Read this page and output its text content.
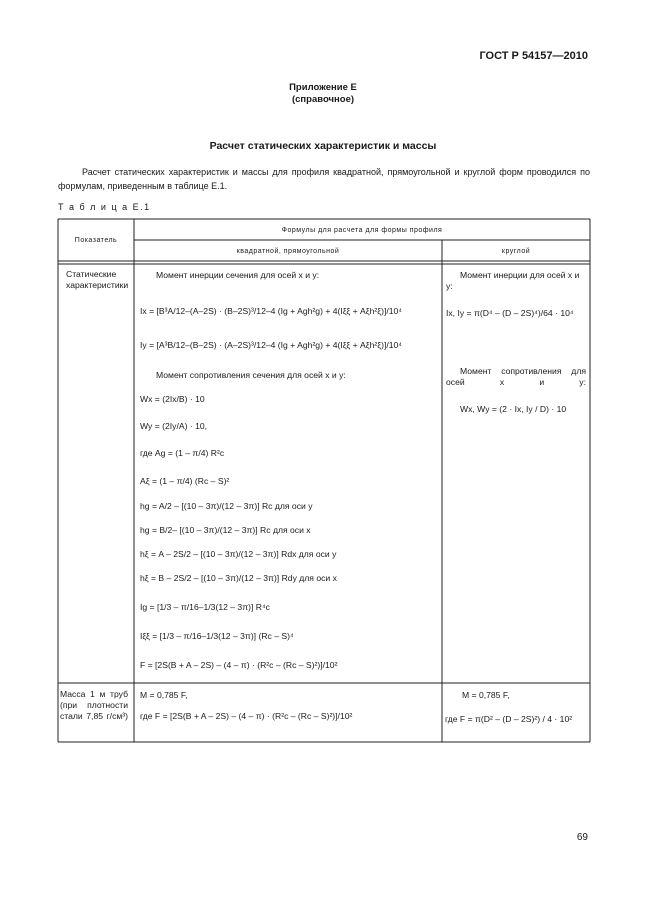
ГОСТ Р 54157—2010
Приложение Е
(справочное)
Расчет статических характеристик и массы
Расчет статических характеристик и массы для профиля квадратной, прямоугольной и круглой форм проводился по формулам, приведенным в таблице Е.1.
Т а б л и ц а Е.1
Показатель
Формулы для расчета для формы профиля
квадратной, прямоугольной	круглой
Статические характеристики
Момент инерции сечения для осей x и y:
Ix = [B³A/12–(A–2S) · (B–2S)³/12–4 (Ig + Agh²g) + 4(Iξξ + Aξh²ξ)]/10⁴
Iy = [A³B/12–(B–2S) · (A–2S)³/12–4 (Ig + Agh²g) + 4(Iξξ + Aξh²ξ)]/10⁴
Момент сопротивления сечения для осей x и y:
Wx = (2Ix/B) · 10
Wy = (2Iy/A) · 10,
где Ag = (1 – π/4) R²c
Aξ = (1 – π/4) (Rc – S)²
hg = A/2 – [(10 – 3π)/(12 – 3π)] Rc для оси y
hg = B/2– [(10 – 3π)/(12 – 3π)] Rc для оси x
hξ = A – 2S/2 – [(10 – 3π)/(12 – 3π)] Rdx для оси y
hξ = B – 2S/2 – [(10 – 3π)/(12 – 3π)] Rdy для оси x
Ig = [1/3 – π/16–1/3(12 – 3π)] R⁴c
Iξξ = [1/3 – π/16–1/3(12 – 3π)] (Rc – S)⁴
F = [2S(B + A – 2S) – (4 – π) · (R²c – (Rc – S)²)]/10²
Момент инерции для осей x и y:
Ix, Iy = π(D⁴ – (D – 2S)⁴)/64 · 10⁴
Момент сопротивления для осей x и y:
Wx, Wy = (2 · Ix, Iy / D) · 10
Масса 1 м труб (при плотности стали 7,85 г/см³)
M = 0,785 F,
где F = [2S(B + A – 2S) – (4 – π) · (R²c – (Rc – S)²)]/10²
M = 0,785 F,
где F = π(D² – (D – 2S)²) / 4 · 10²
69
